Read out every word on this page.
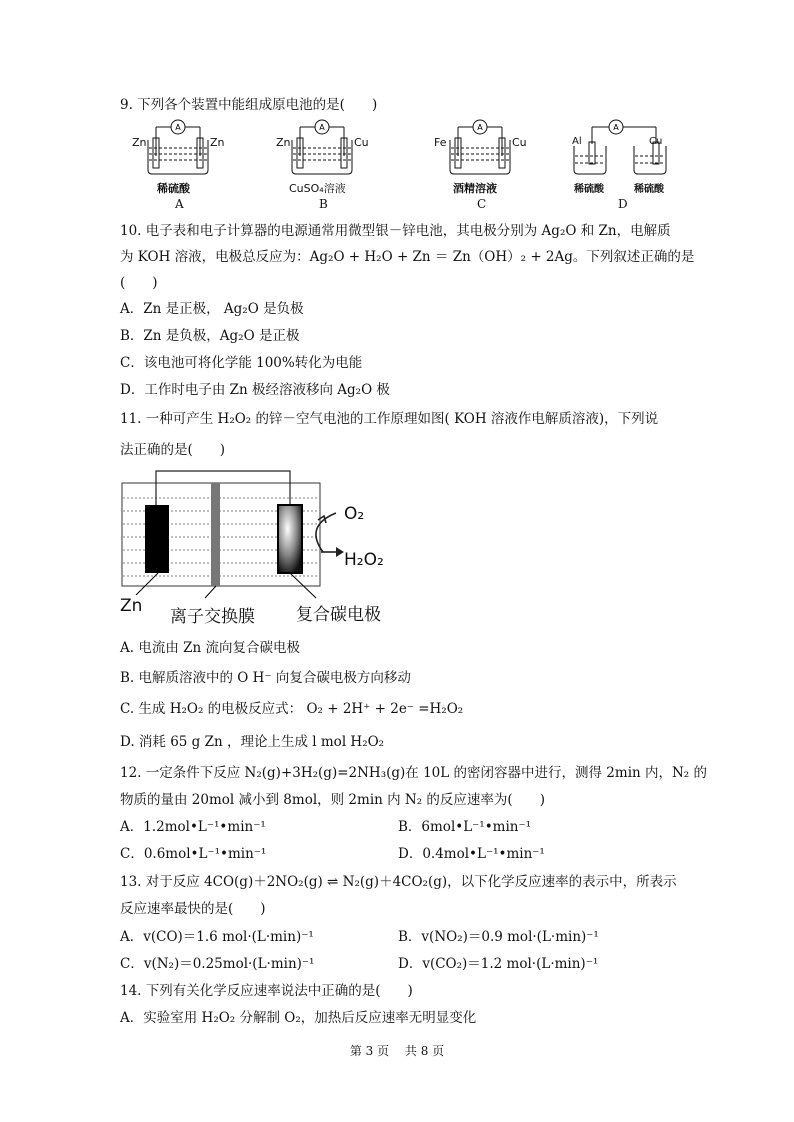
9. 下列各个装置中能组成原电池的是(　　)
A	A	A	A
Zn	Zn
稀硫酸
A
Zn	Cu
CuSO₄溶液
B
Fe	Cu
酒精溶液
C
Al	Cu
稀硫酸	稀硫酸
D
10. 电子表和电子计算器的电源通常用微型银－锌电池，其电极分别为 Ag₂O 和 Zn，电解质
为 KOH 溶液，电极总反应为：Ag₂O + H₂O + Zn ＝ Zn（OH）₂ + 2Ag。下列叙述正确的是
(　　)
A．Zn 是正极， Ag₂O 是负极
B．Zn 是负极，Ag₂O 是正极
C．该电池可将化学能 100%转化为电能
D．工作时电子由 Zn 极经溶液移向 Ag₂O 极
11. 一种可产生 H₂O₂ 的锌－空气电池的工作原理如图( KOH 溶液作电解质溶液)，下列说
法正确的是(　　)
O₂
H₂O₂
Zn
离子交换膜 复合碳电极
A. 电流由 Zn 流向复合碳电极
B. 电解质溶液中的 O H⁻ 向复合碳电极方向移动
C. 生成 H₂O₂ 的电极反应式： O₂ + 2H⁺ + 2e⁻ =H₂O₂
D. 消耗 65 g Zn ，理论上生成 l mol H₂O₂
12. 一定条件下反应 N₂(g)+3H₂(g)=2NH₃(g)在 10L 的密闭容器中进行，测得 2min 内，N₂ 的
物质的量由 20mol 减小到 8mol，则 2min 内 N₂ 的反应速率为(　　)
A．1.2mol•L⁻¹•min⁻¹	B．6mol•L⁻¹•min⁻¹
C．0.6mol•L⁻¹•min⁻¹	D．0.4mol•L⁻¹•min⁻¹
13. 对于反应 4CO(g)＋2NO₂(g) ⇌ N₂(g)＋4CO₂(g)，以下化学反应速率的表示中，所表示
反应速率最快的是(　　)
A．v(CO)＝1.6 mol·(L·min)⁻¹	B．v(NO₂)＝0.9 mol·(L·min)⁻¹
C．v(N₂)＝0.25mol·(L·min)⁻¹	D．v(CO₂)＝1.2 mol·(L·min)⁻¹
14. 下列有关化学反应速率说法中正确的是(　　)
A．实验室用 H₂O₂ 分解制 O₂，加热后反应速率无明显变化
第 3 页　 共 8 页
